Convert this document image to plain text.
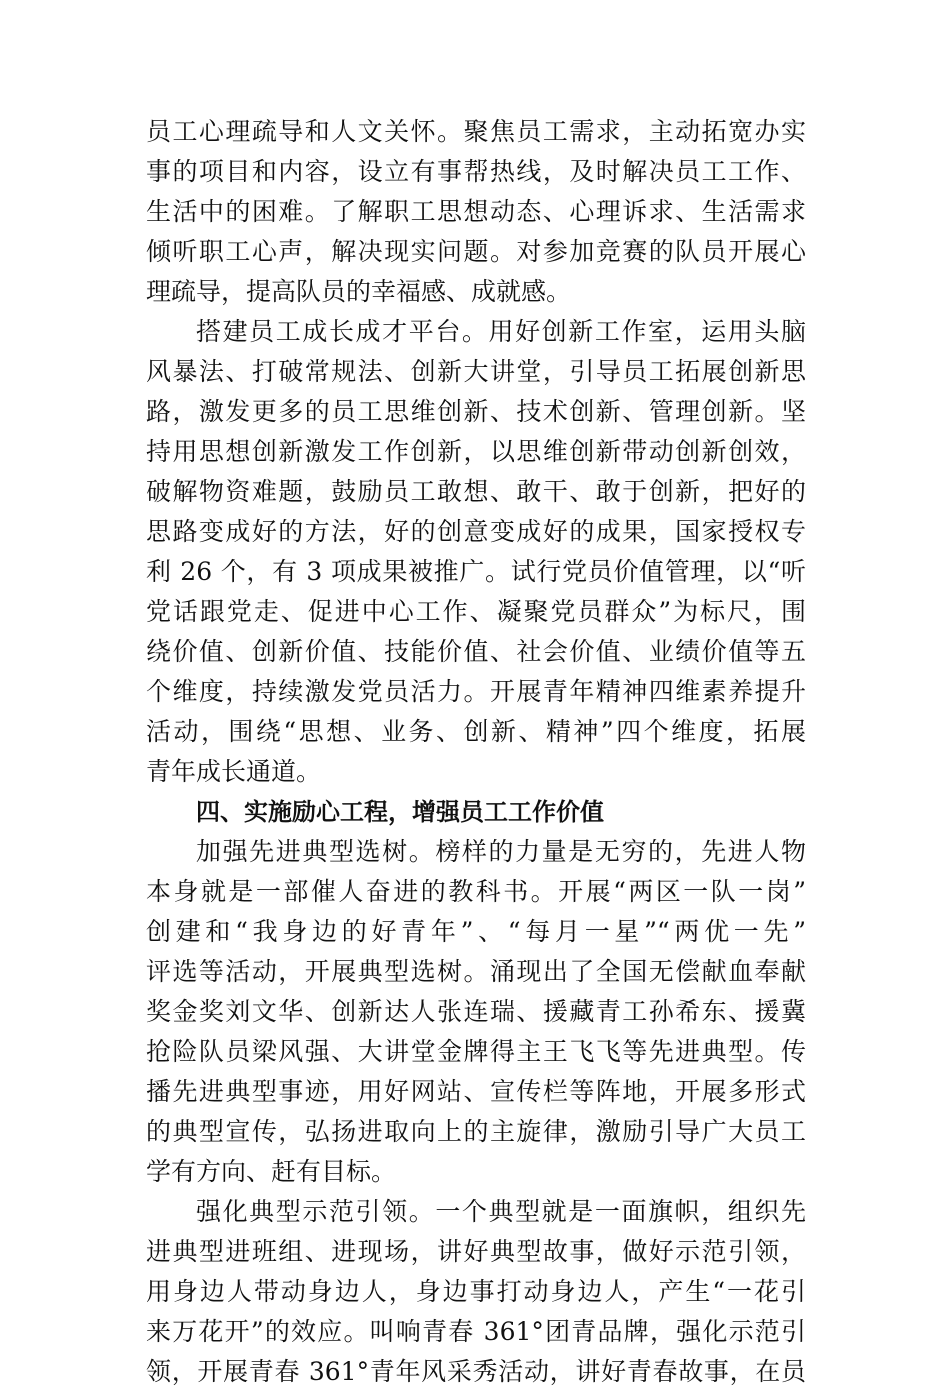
员工心理疏导和人文关怀。聚焦员工需求，主动拓宽办实
事的项目和内容，设立有事帮热线，及时解决员工工作、
生活中的困难。了解职工思想动态、心理诉求、生活需求
倾听职工心声，解决现实问题。对参加竞赛的队员开展心
理疏导，提高队员的幸福感、成就感。
搭建员工成长成才平台。用好创新工作室，运用头脑
风暴法、打破常规法、创新大讲堂，引导员工拓展创新思
路，激发更多的员工思维创新、技术创新、管理创新。坚
持用思想创新激发工作创新，以思维创新带动创新创效，
破解物资难题，鼓励员工敢想、敢干、敢于创新，把好的
思路变成好的方法，好的创意变成好的成果，国家授权专
利 26 个，有 3 项成果被推广。试行党员价值管理，以“听
党话跟党走、促进中心工作、凝聚党员群众”为标尺，围
绕价值、创新价值、技能价值、社会价值、业绩价值等五
个维度，持续激发党员活力。开展青年精神四维素养提升
活动，围绕“思想、业务、创新、精神”四个维度，拓展
青年成长通道。
四、实施励心工程，增强员工工作价值
加强先进典型选树。榜样的力量是无穷的，先进人物
本身就是一部催人奋进的教科书。开展“两区一队一岗”
创建和“我身边的好青年”、“每月一星”“两优一先”
评选等活动，开展典型选树。涌现出了全国无偿献血奉献
奖金奖刘文华、创新达人张连瑞、援藏青工孙希东、援冀
抢险队员梁风强、大讲堂金牌得主王飞飞等先进典型。传
播先进典型事迹，用好网站、宣传栏等阵地，开展多形式
的典型宣传，弘扬进取向上的主旋律，激励引导广大员工
学有方向、赶有目标。
强化典型示范引领。一个典型就是一面旗帜，组织先
进典型进班组、进现场，讲好典型故事，做好示范引领，
用身边人带动身边人，身边事打动身边人，产生“一花引
来万花开”的效应。叫响青春 361°团青品牌，强化示范引
领，开展青春 361°青年风采秀活动，讲好青春故事，在员
